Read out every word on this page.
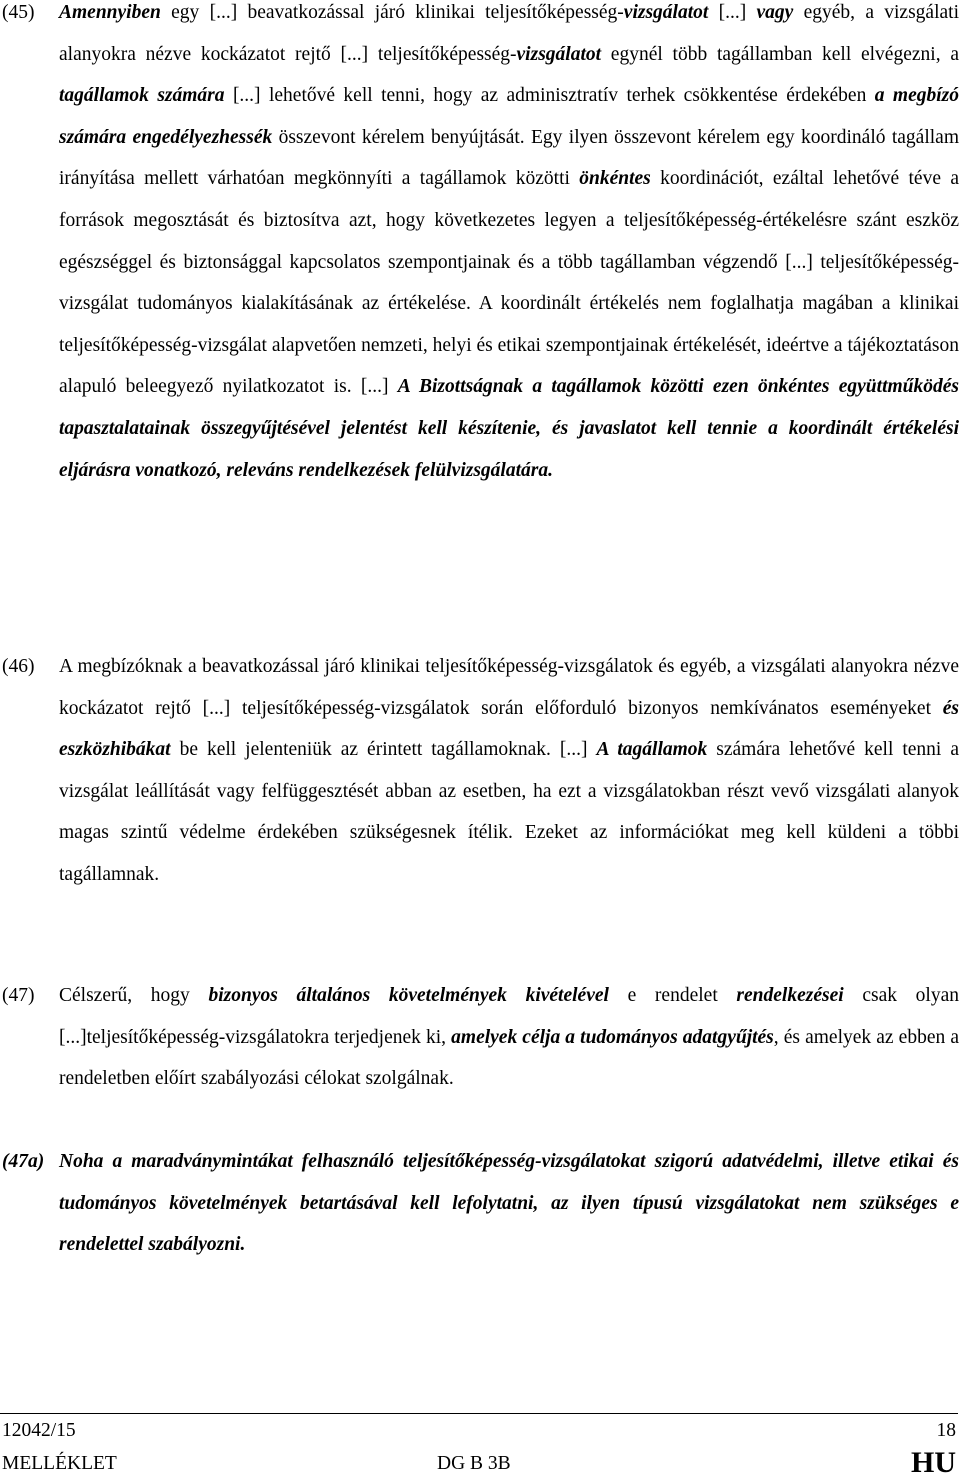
(45) Amennyiben egy [...] beavatkozással járó klinikai teljesítőképesség-vizsgálatot [...] vagy egyéb, a vizsgálati alanyokra nézve kockázatot rejtő [...] teljesítőképesség-vizsgálatot egynél több tagállamban kell elvégezni, a tagállamok számára [...] lehetővé kell tenni, hogy az adminisztratív terhek csökkentése érdekében a megbízó számára engedélyezhessék összevont kérelem benyújtását. Egy ilyen összevont kérelem egy koordináló tagállam irányítása mellett várhatóan megkönnyíti a tagállamok közötti önkéntes koordinációt, ezáltal lehetővé téve a források megosztását és biztosítva azt, hogy következetes legyen a teljesítőképesség-értékelésre szánt eszköz egészséggel és biztonsággal kapcsolatos szempontjainak és a több tagállamban végzendő [...] teljesítőképesség-vizsgálat tudományos kialakításának az értékelése. A koordinált értékelés nem foglalhatja magában a klinikai teljesítőképesség-vizsgálat alapvetően nemzeti, helyi és etikai szempontjainak értékelését, ideértve a tájékoztatáson alapuló beleegyező nyilatkozatot is. [...] A Bizottságnak a tagállamok közötti ezen önkéntes együttműködés tapasztalatainak összegyűjtésével jelentést kell készítenie, és javaslatot kell tennie a koordinált értékelési eljárásra vonatkozó, releváns rendelkezések felülvizsgálatára.
(46) A megbízóknak a beavatkozással járó klinikai teljesítőképesség-vizsgálatok és egyéb, a vizsgálati alanyokra nézve kockázatot rejtő [...] teljesítőképesség-vizsgálatok során előforduló bizonyos nemkívánatos eseményeket és eszközhibákat be kell jelenteniük az érintett tagállamoknak. [...] A tagállamok számára lehetővé kell tenni a vizsgálat leállítását vagy felfüggesztését abban az esetben, ha ezt a vizsgálatokban részt vevő vizsgálati alanyok magas szintű védelme érdekében szükségesnek ítélik. Ezeket az információkat meg kell küldeni a többi tagállamnak.
(47) Célszerű, hogy bizonyos általános követelmények kivételével e rendelet rendelkezései csak olyan [...]teljesítőképesség-vizsgálatokra terjedjenek ki, amelyek célja a tudományos adatgyűjtés, és amelyek az ebben a rendeletben előírt szabályozási célokat szolgálnak.
(47a) Noha a maradványmintákat felhasználó teljesítőképesség-vizsgálatokat szigorú adatvédelmi, illetve etikai és tudományos követelmények betartásával kell lefolytatni, az ilyen típusú vizsgálatokat nem szükséges e rendelettel szabályozni.
12042/15	18
MELLÉKLET	DG B 3B	HU
